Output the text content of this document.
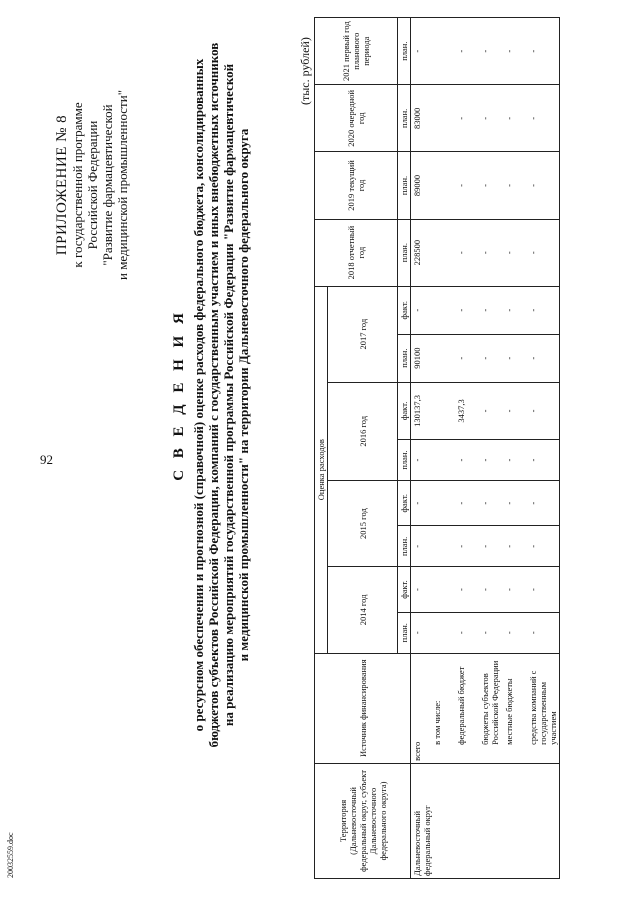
92
20032559.doc
ПРИЛОЖЕНИЕ № 8 к государственной программе Российской Федерации "Развитие фармацевтической и медицинской промышленности"
С В Е Д Е Н И Я о ресурсном обеспечении и прогнозной (справочной) оценке расходов федерального бюджета, консолидированных бюджетов субъектов Российской Федерации, компаний с государственным участием и иных внебюджетных источников на реализацию мероприятий государственной программы Российской Федерации "Развитие фармацевтической и медицинской промышленности" на территории Дальневосточного федерального округа
(тыс. рублей)
Территория (Дальневосточный федеральный округ, субъект Дальневосточного федерального округа)	Источник финансирования	Оценка расходов								2018 отчетный год	2019 текущий год	2020 очередной год	2021 первый год планового периода
		2014 год		2015 год		2016 год		2017 год					
		план.	факт.	план.	факт.	план.	факт.	план.	факт.	план.	план.	план.	план.
Дальневосточный федеральный округ	всего	-	-	-	-	-	130137,3	90100	-	228500	89000	83000	-
	в том числе:												
	федеральный бюджет	-	-	-	-	-	3437,3	-	-	-	-	-	-
	бюджеты субъектов Российской Федерации	-	-	-	-	-	-	-	-	-	-	-	-
	местные бюджеты	-	-	-	-	-	-	-	-	-	-	-	-
	средства компаний с государственным участием	-	-	-	-	-	-	-	-	-	-	-	-
